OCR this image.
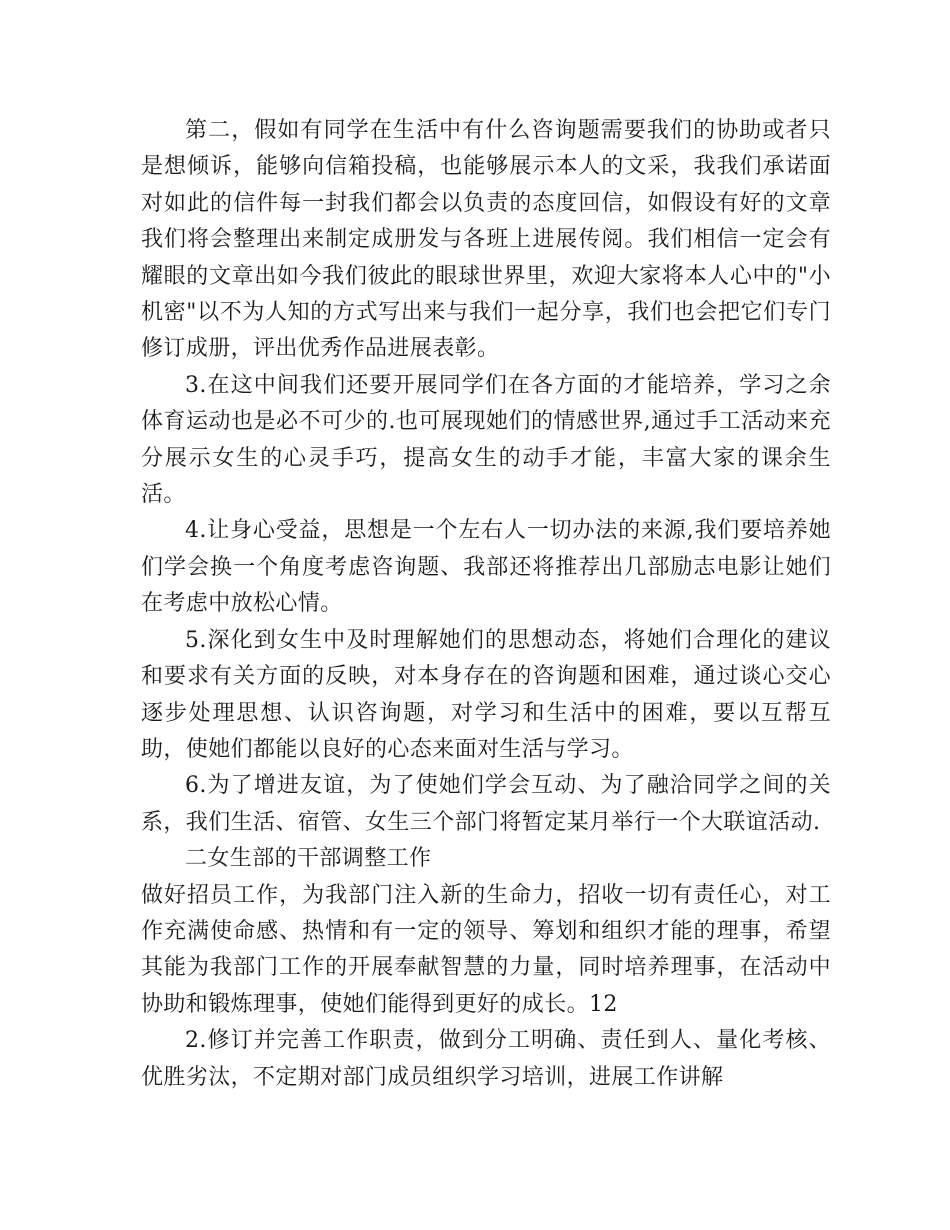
第二，假如有同学在生活中有什么咨询题需要我们的协助或者只是想倾诉，能够向信箱投稿，也能够展示本人的文采，我我们承诺面对如此的信件每一封我们都会以负责的态度回信，如假设有好的文章我们将会整理出来制定成册发与各班上进展传阅。我们相信一定会有耀眼的文章出如今我们彼此的眼球世界里，欢迎大家将本人心中的"小机密"以不为人知的方式写出来与我们一起分享，我们也会把它们专门修订成册，评出优秀作品进展表彰。

3.在这中间我们还要开展同学们在各方面的才能培养，学习之余体育运动也是必不可少的.也可展现她们的情感世界,通过手工活动来充分展示女生的心灵手巧，提高女生的动手才能，丰富大家的课余生活。

4.让身心受益，思想是一个左右人一切办法的来源,我们要培养她们学会换一个角度考虑咨询题、我部还将推荐出几部励志电影让她们在考虑中放松心情。

5.深化到女生中及时理解她们的思想动态，将她们合理化的建议和要求有关方面的反映，对本身存在的咨询题和困难，通过谈心交心逐步处理思想、认识咨询题，对学习和生活中的困难，要以互帮互助，使她们都能以良好的心态来面对生活与学习。

6.为了增进友谊，为了使她们学会互动、为了融洽同学之间的关系，我们生活、宿管、女生三个部门将暂定某月举行一个大联谊活动.

二女生部的干部调整工作

做好招员工作，为我部门注入新的生命力，招收一切有责任心，对工作充满使命感、热情和有一定的领导、筹划和组织才能的理事，希望其能为我部门工作的开展奉献智慧的力量，同时培养理事，在活动中协助和锻炼理事，使她们能得到更好的成长。12

2.修订并完善工作职责，做到分工明确、责任到人、量化考核、优胜劣汰，不定期对部门成员组织学习培训，进展工作讲解
